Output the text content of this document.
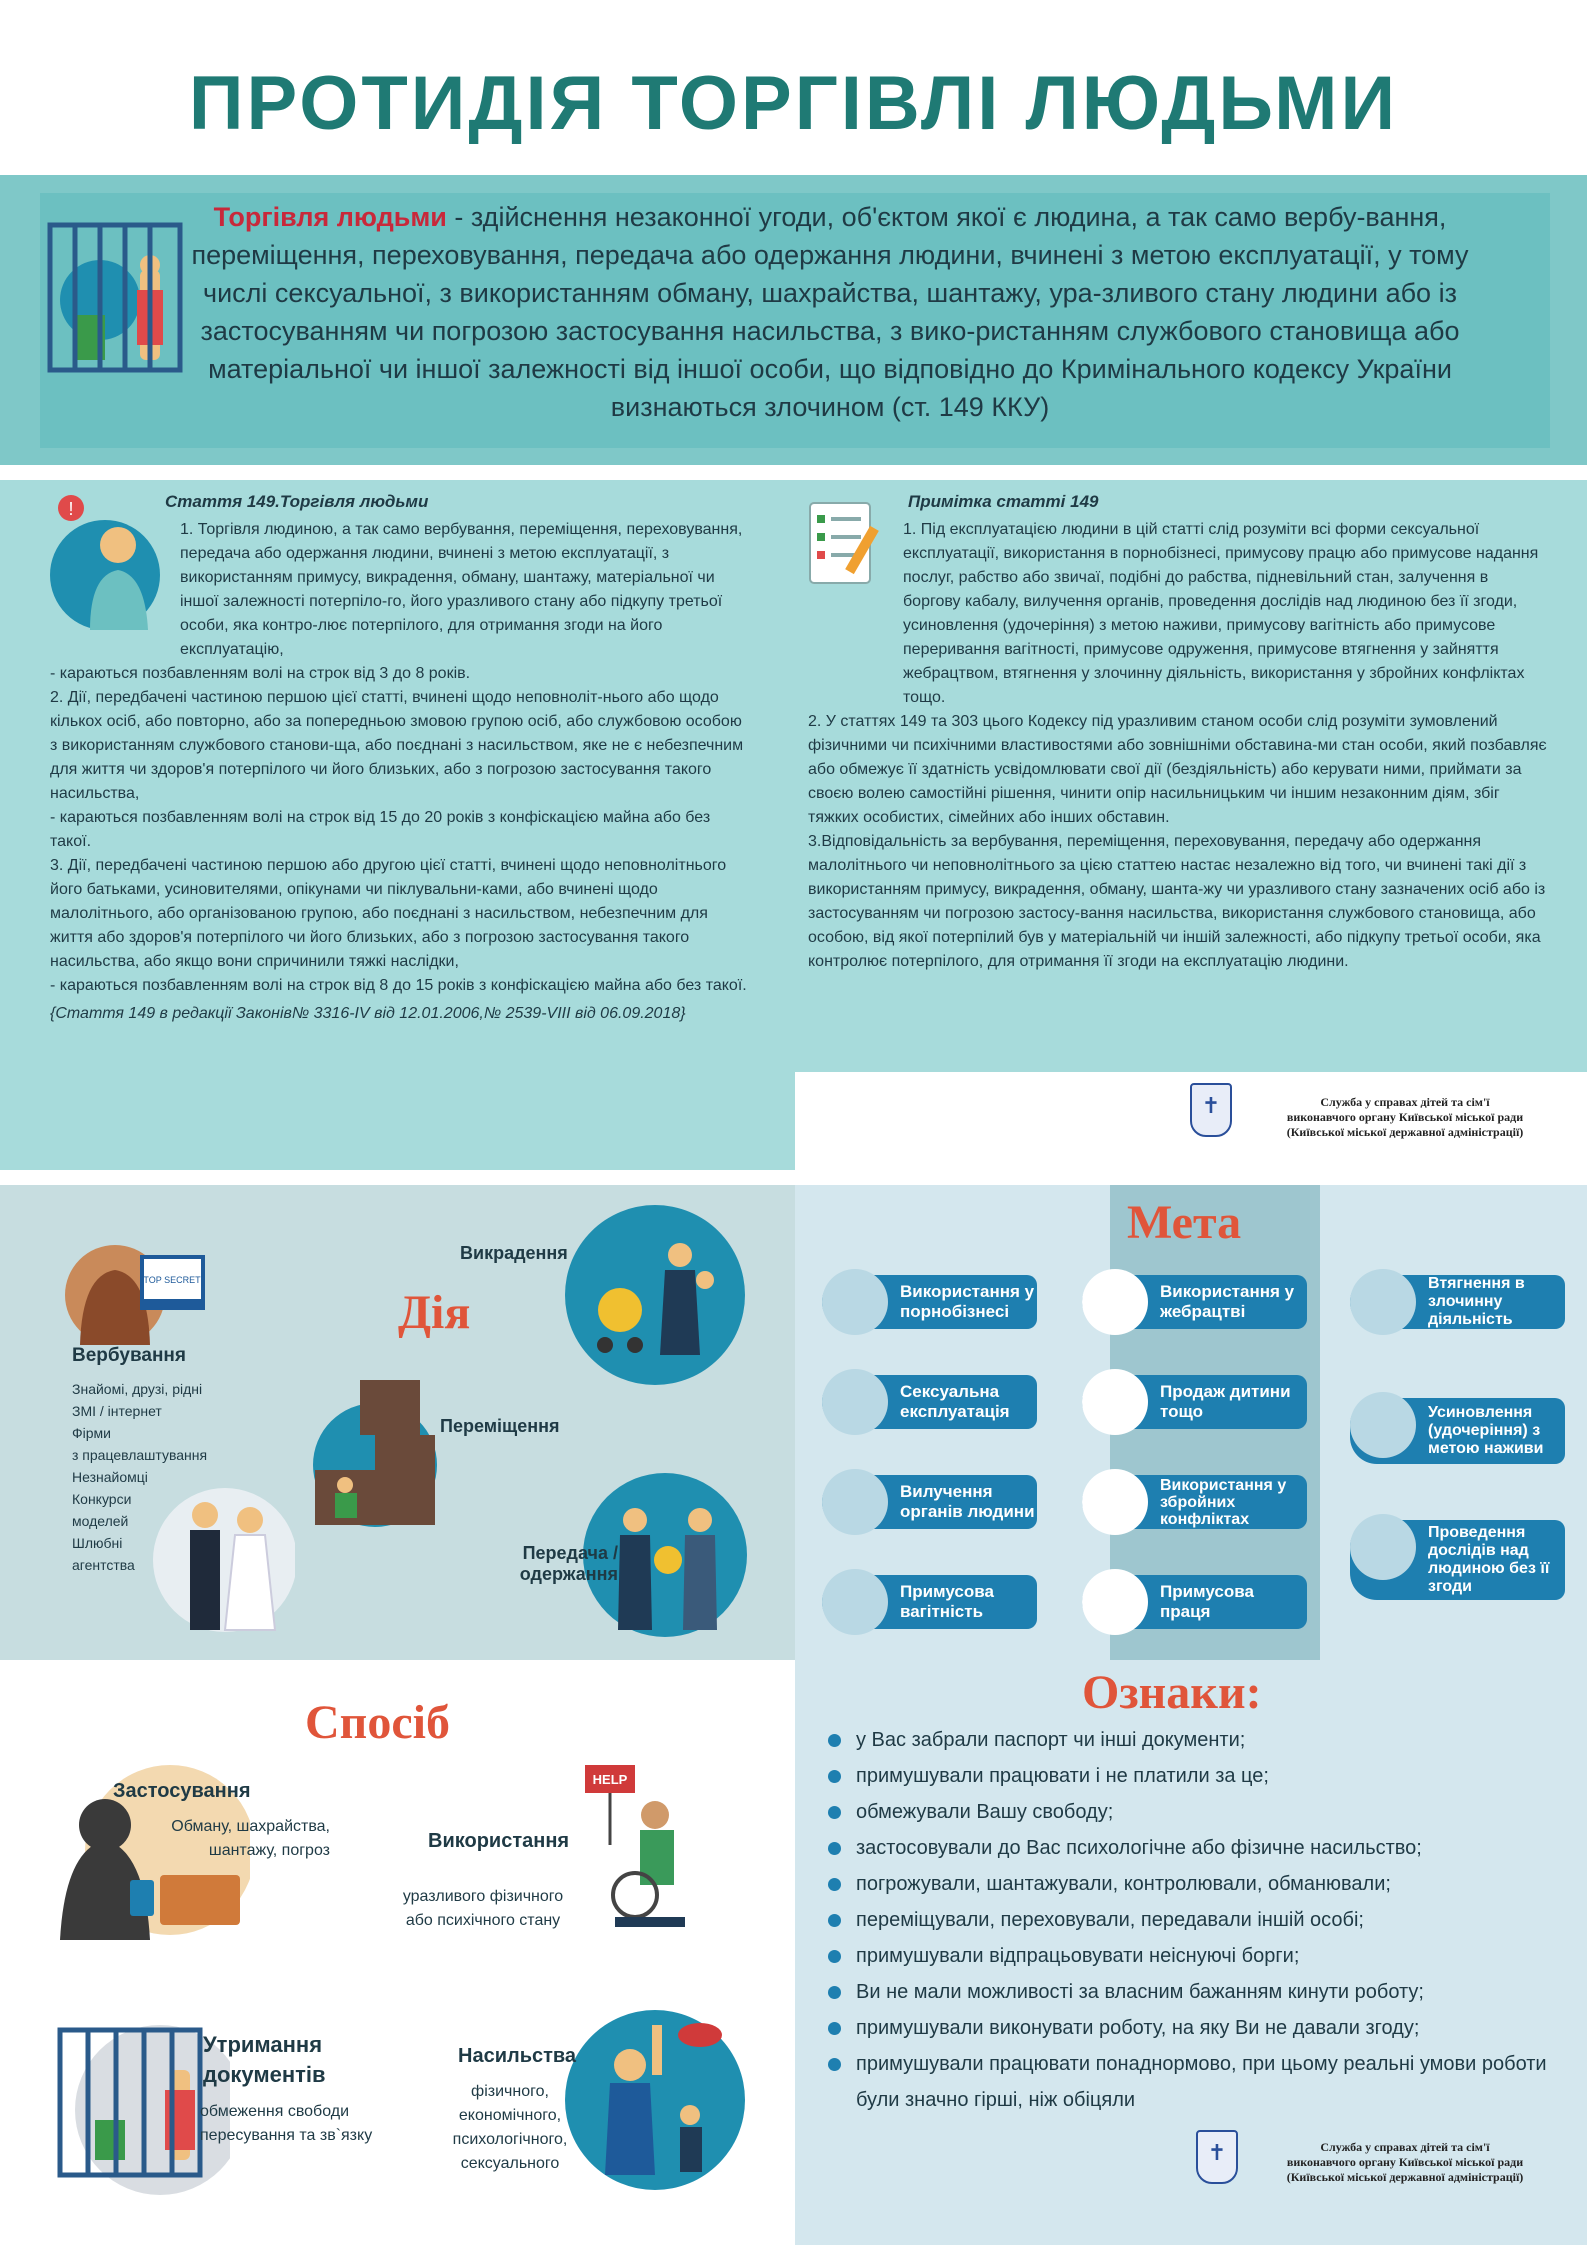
ПРОТИДІЯ ТОРГІВЛІ ЛЮДЬМИ
Торгівля людьми - здійснення незаконної угоди, об'єктом якої є людина, а так само вербу-вання, переміщення, переховування, передача або одержання людини, вчинені з метою експлуатації, у тому числі сексуальної, з використанням обману, шахрайства, шантажу, ура-зливого стану людини або із застосуванням чи погрозою застосування насильства, з вико-ристанням службового становища або матеріальної чи іншої залежності від іншої особи, що відповідно до Кримінального кодексу України визнаються злочином (ст. 149 ККУ)
!	Стаття 149.Торгівля людьми

1. Торгівля людиною, а так само вербування, переміщення, переховування, передача або одержання людини, вчинені з метою експлуатації, з використанням примусу, викрадення, обману, шантажу, матеріальної чи іншої залежності потерпіло-го, його уразливого стану або підкупу третьої особи, яка контро-лює потерпілого, для отримання згоди на його експлуатацію,

- караються позбавленням волі на строк від 3 до 8 років.

2. Дії, передбачені частиною першою цієї статті, вчинені щодо неповноліт-нього або щодо кількох осіб, або повторно, або за попередньою змовою групою осіб, або службовою особою з використанням службового станови-ща, або поєднані з насильством, яке не є небезпечним для життя чи здоров'я потерпілого чи його близьких, або з погрозою застосування такого насильства,

- караються позбавленням волі на строк від 15 до 20 років з конфіскацією майна або без такої.

3. Дії, передбачені частиною першою або другою цієї статті, вчинені щодо неповнолітнього його батьками, усиновителями, опікунами чи піклувальни-ками, або вчинені щодо малолітнього, або організованою групою, або поєднані з насильством, небезпечним для життя або здоров'я потерпілого чи його близьких, або з погрозою застосування такого насильства, або якщо вони спричинили тяжкі наслідки,

- караються позбавленням волі на строк від 8 до 15 років з конфіскацією майна або без такої.

{Стаття 149 в редакції Законів№ 3316-IV від 12.01.2006,№ 2539-VIII від 06.09.2018}

Примітка статті 149

1. Під експлуатацією людини в цій статті слід розуміти всі форми сексуальної експлуатації, використання в порнобізнесі, примусову працю або примусове надання послуг, рабство або звичаї, подібні до рабства, підневільний стан, залучення в боргову кабалу, вилучення органів, проведення дослідів над людиною без її згоди, усиновлення (удочеріння) з метою наживи, примусову вагітність або примусове переривання вагітності, примусове одруження, примусове втягнення у зайняття жебрацтвом, втягнення у злочинну діяльність, використання у збройних конфліктах тощо.

2. У статтях 149 та 303 цього Кодексу під уразливим станом особи слід розуміти зумовлений фізичними чи психічними властивостями або зовнішніми обставина-ми стан особи, який позбавляє або обмежує її здатність усвідомлювати свої дії (бездіяльність) або керувати ними, приймати за своєю волею самостійні рішення, чинити опір насильницьким чи іншим незаконним діям, збіг тяжких особистих, сімейних або інших обставин.

3.Відповідальність за вербування, переміщення, переховування, передачу або одержання малолітнього чи неповнолітнього за цією статтею настає незалежно від того, чи вчинені такі дії з використанням примусу, викрадення, обману, шанта-жу чи уразливого стану зазначених осіб або із застосуванням чи погрозою застосу-вання насильства, використання службового становища, або особою, від якої потерпілий був у матеріальній чи іншій залежності, або підкупу третьої особи, яка контролює потерпілого, для отримання її згоди на експлуатацію людини.

✝	Служба у справах дітей та сім'ї
виконавчого органу Київської міської ради
(Київської міської державної адміністрації)
TOP SECRET
Вербування
Знайомі, друзі, рідні
ЗМІ / інтернет
Фірми
з працевлаштування
Незнайомці
Конкурси
моделей
Шлюбні
агентства
Дія
Викрадення
Переміщення
Передача /
одержання
Мета
Використання у порнобізнесі
Сексуальна експлуатація
Вилучення органів людини
Примусова вагітність
Використання у жебрацтві
Продаж дитини тощо
Використання у збройних конфліктах
Примусова праця
Втягнення в злочинну діяльність
Усиновлення (удочеріння) з метою наживи
Проведення дослідів над людиною без її згоди
Спосіб
Застосування
Обману, шахрайства, шантажу, погроз
HELP
Використання
уразливого фізичного або психічного стану
Утримання
документів
обмеження свободи пересування та зв`язку
Насильства
фізичного,
економічного,
психологічного,
сексуального
Ознаки:
у Вас забрали паспорт чи інші документи;
примушували працювати і не платили за це;
обмежували Вашу свободу;
застосовували до Вас психологічне або фізичне насильство;
погрожували, шантажували, контролювали, обманювали;
переміщували, переховували, передавали іншій особі;
примушували відпрацьовувати неіснуючі борги;
Ви не мали можливості за власним бажанням кинути роботу;
примушували виконувати роботу, на яку Ви не давали згоду;
примушували працювати понаднормово, при цьому реальні умови роботи були значно гірші, ніж обіцяли
✝	Служба у справах дітей та сім'ї
виконавчого органу Київської міської ради
(Київської міської державної адміністрації)
